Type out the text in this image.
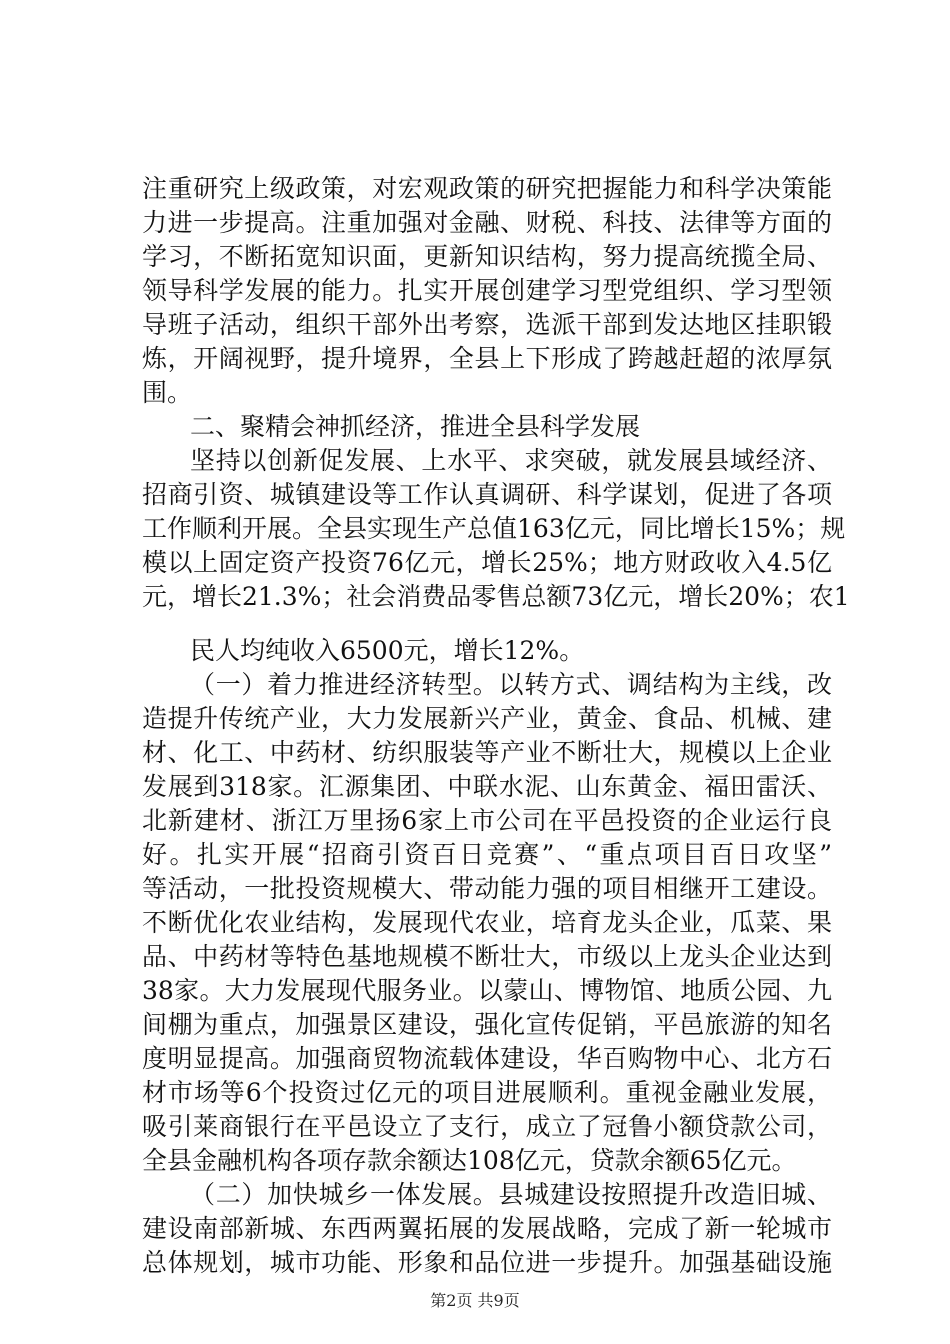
注重研究上级政策，对宏观政策的研究把握能力和科学决策能
力进一步提高。注重加强对金融、财税、科技、法律等方面的
学习，不断拓宽知识面，更新知识结构，努力提高统揽全局、
领导科学发展的能力。扎实开展创建学习型党组织、学习型领
导班子活动，组织干部外出考察，选派干部到发达地区挂职锻
炼，开阔视野，提升境界，全县上下形成了跨越赶超的浓厚氛
围。
二、聚精会神抓经济，推进全县科学发展
坚持以创新促发展、上水平、求突破，就发展县域经济、
招商引资、城镇建设等工作认真调研、科学谋划，促进了各项
工作顺利开展。全县实现生产总值163亿元，同比增长15%；规
模以上固定资产投资76亿元，增长25%；地方财政收入4.5亿
元，增长21.3%；社会消费品零售总额73亿元，增长20%；农1
民人均纯收入6500元，增长12%。
（一）着力推进经济转型。以转方式、调结构为主线，改
造提升传统产业，大力发展新兴产业，黄金、食品、机械、建
材、化工、中药材、纺织服装等产业不断壮大，规模以上企业
发展到318家。汇源集团、中联水泥、山东黄金、福田雷沃、
北新建材、浙江万里扬6家上市公司在平邑投资的企业运行良
好。扎实开展“招商引资百日竞赛”、“重点项目百日攻坚”
等活动，一批投资规模大、带动能力强的项目相继开工建设。
不断优化农业结构，发展现代农业，培育龙头企业，瓜菜、果
品、中药材等特色基地规模不断壮大，市级以上龙头企业达到
38家。大力发展现代服务业。以蒙山、博物馆、地质公园、九
间棚为重点，加强景区建设，强化宣传促销，平邑旅游的知名
度明显提高。加强商贸物流载体建设，华百购物中心、北方石
材市场等6个投资过亿元的项目进展顺利。重视金融业发展，
吸引莱商银行在平邑设立了支行，成立了冠鲁小额贷款公司，
全县金融机构各项存款余额达108亿元，贷款余额65亿元。
（二）加快城乡一体发展。县城建设按照提升改造旧城、
建设南部新城、东西两翼拓展的发展战略，完成了新一轮城市
总体规划，城市功能、形象和品位进一步提升。加强基础设施
第2页 共9页
